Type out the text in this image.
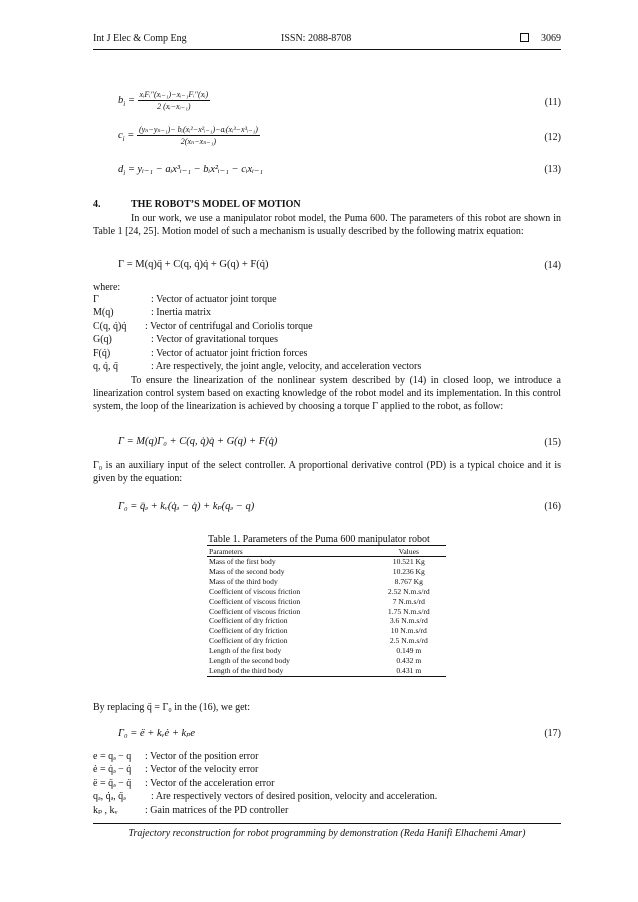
Int J Elec & Comp Eng	ISSN: 2088-8708	3069
$b_i = \frac{\text{xᵢFᵢ′′(xᵢ₋₁)−xᵢ₋₁Fᵢ′′(xᵢ)}}{\text{2 (xᵢ−xᵢ₋₁)}}$	(11)
$c_i = \frac{\text{(yₙ−yₙ₋₁)− bᵢ(xᵢ²−x²ᵢ₋₁)−aᵢ(xᵢ³−x³ᵢ₋₁)}}{\text{2(xₙ−xₙ₋₁)}}$	(12)
$d_i$ = yᵢ₋₁ − aᵢx³ᵢ₋₁ − bᵢx²ᵢ₋₁ − cᵢxᵢ₋₁	(13)
4.	THE ROBOT’S MODEL OF MOTION
In our work, we use a manipulator robot model, the Puma 600. The parameters of this robot are shown in Table 1 [24, 25]. Motion model of such a mechanism is usually described by the following matrix equation:
Γ = M(q)q̈ + C(q, q̇)q̇ + G(q) + F(q̇)	(14)
where:
Γ	: Vector of actuator joint torque
M(q)	: Inertia matrix
C(q, q̇)q̇ : Vector of centrifugal and Coriolis torque
G(q)	: Vector of gravitational torques
F(q̇)	: Vector of actuator joint friction forces
q, q̇, q̈	: Are respectively, the joint angle, velocity, and acceleration vectors
To ensure the linearization of the nonlinear system described by (14) in closed loop, we introduce a linearization control system based on exacting knowledge of the robot model and its implementation. In this control system, the loop of the linearization is achieved by choosing a torque Γ applied to the robot, as follow:
Γ = M(q)Γ₀ + C(q, q̇)q̇ + G(q) + F(q̇)	(15)
Γ₀ is an auxiliary input of the select controller. A proportional derivative control (PD) is a typical choice and it is given by the equation:
Γ₀ = q̈ₔ + kᵥ(q̇ₔ − q̇) + kₚ(qₔ − q)	(16)
Table 1. Parameters of the Puma 600 manipulator robot
Parameters	Values
Mass of the first body	10.521 Kg
Mass of the second body	10.236 Kg
Mass of the third body	8.767 Kg
Coefficient of viscous friction	2.52 N.m.s/rd
Coefficient of viscous friction	7 N.m.s/rd
Coefficient of viscous friction	1.75 N.m.s/rd
Coefficient of dry friction	3.6 N.m.s/rd
Coefficient of dry friction	10 N.m.s/rd
Coefficient of dry friction	2.5 N.m.s/rd
Length of the first body	0.149 m
Length of the second body	0.432 m
Length of the third body	0.431 m
By replacing q̈ = Γ₀ in the (16), we get:
Γ₀ = ë + kᵥė + kₚe	(17)
e = qₔ − q : Vector of the position error
ė = q̇ₔ − q̇ : Vector of the velocity error
ë = q̈ₔ − q̈ : Vector of the acceleration error
qₔ, q̇ₔ, q̈ₔ	: Are respectively vectors of desired position, velocity and acceleration.
kₚ , kᵥ	: Gain matrices of the PD controller
Trajectory reconstruction for robot programming by demonstration (Reda Hanifi Elhachemi Amar)
